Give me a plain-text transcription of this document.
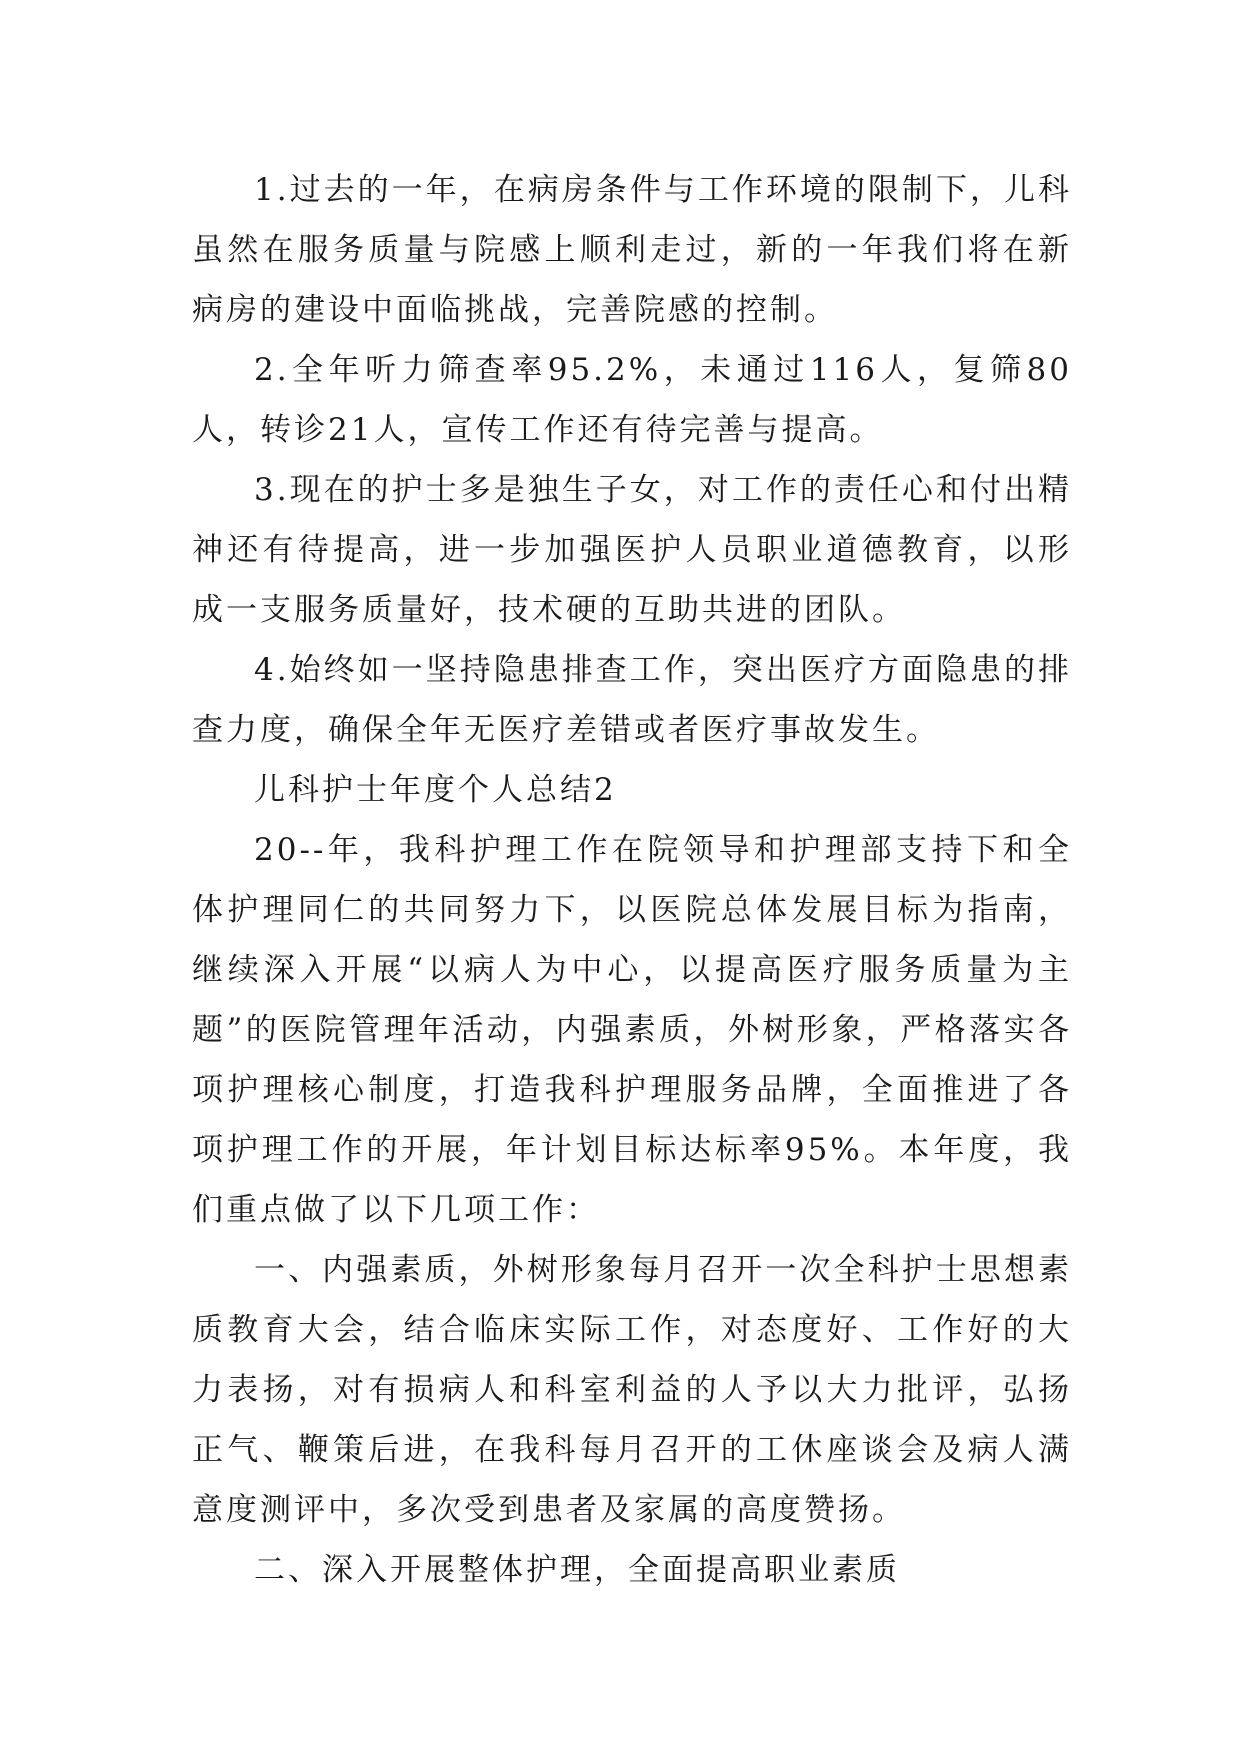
1.过去的一年，在病房条件与工作环境的限制下，儿科虽然在服务质量与院感上顺利走过，新的一年我们将在新病房的建设中面临挑战，完善院感的控制。

2.全年听力筛查率95.2%，未通过116人，复筛80人，转诊21人，宣传工作还有待完善与提高。

3.现在的护士多是独生子女，对工作的责任心和付出精神还有待提高，进一步加强医护人员职业道德教育，以形成一支服务质量好，技术硬的互助共进的团队。

4.始终如一坚持隐患排查工作，突出医疗方面隐患的排查力度，确保全年无医疗差错或者医疗事故发生。

儿科护士年度个人总结2

20--年，我科护理工作在院领导和护理部支持下和全体护理同仁的共同努力下，以医院总体发展目标为指南，继续深入开展“以病人为中心，以提高医疗服务质量为主题”的医院管理年活动，内强素质，外树形象，严格落实各项护理核心制度，打造我科护理服务品牌，全面推进了各项护理工作的开展，年计划目标达标率95%。本年度，我们重点做了以下几项工作：

一、内强素质，外树形象每月召开一次全科护士思想素质教育大会，结合临床实际工作，对态度好、工作好的大力表扬，对有损病人和科室利益的人予以大力批评，弘扬正气、鞭策后进，在我科每月召开的工休座谈会及病人满意度测评中，多次受到患者及家属的高度赞扬。

二、深入开展整体护理，全面提高职业素质
